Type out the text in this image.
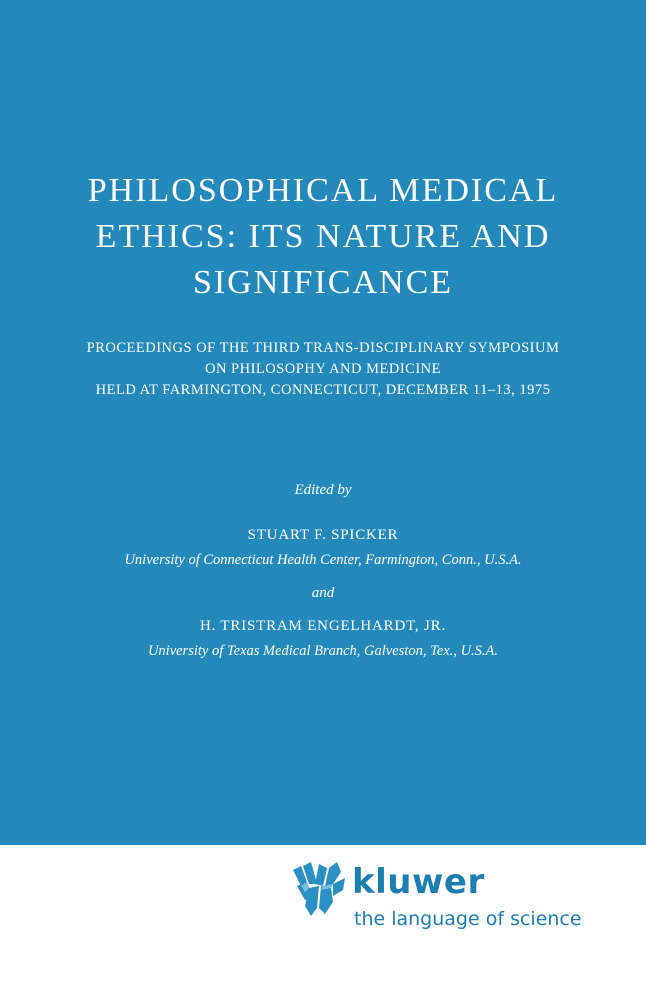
PHILOSOPHICAL MEDICAL
ETHICS: ITS NATURE AND
SIGNIFICANCE
PROCEEDINGS OF THE THIRD TRANS-DISCIPLINARY SYMPOSIUM
ON PHILOSOPHY AND MEDICINE
HELD AT FARMINGTON, CONNECTICUT, DECEMBER 11–13, 1975
Edited by
STUART F. SPICKER
University of Connecticut Health Center, Farmington, Conn., U.S.A.
and
H. TRISTRAM ENGELHARDT, JR.
University of Texas Medical Branch, Galveston, Tex., U.S.A.
kluwer
the language of science
